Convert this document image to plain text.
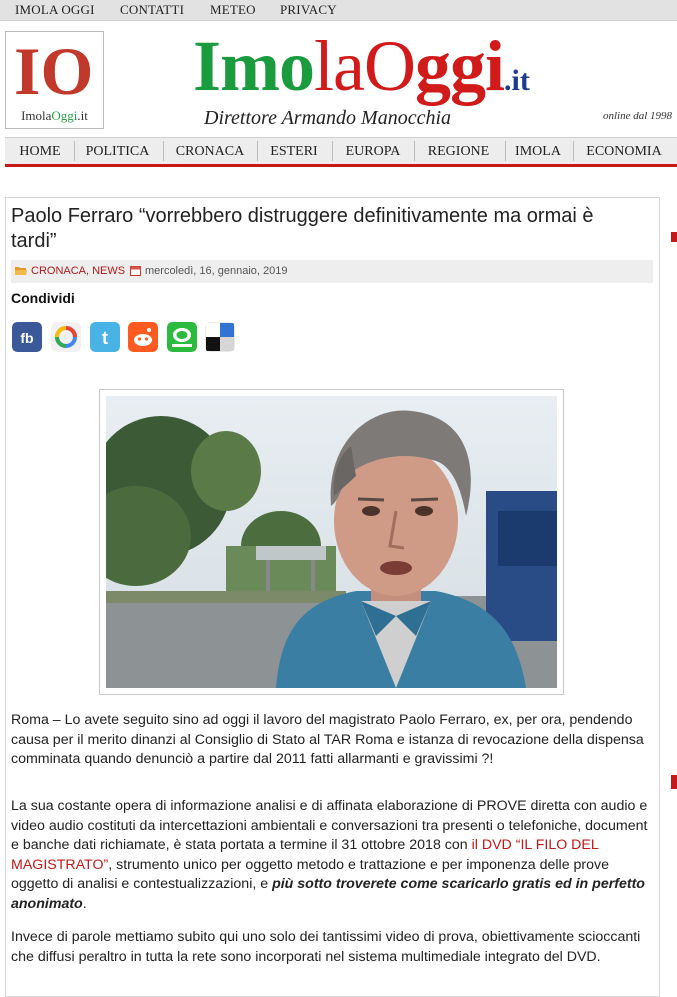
IMOLA OGGI CONTATTI METEO PRIVACY
IO
ImolaOggi.it
ImolaOggi.it
Direttore Armando Manocchia	online dal 1998
HOME	POLITICA	CRONACA	ESTERI	EUROPA	REGIONE	IMOLA	ECONOMIA
Paolo Ferraro “vorrebbero distruggere definitivamente ma ormai è tardi”
CRONACA, NEWS mercoledì, 16, gennaio, 2019
Condividi
fb	t

Roma – Lo avete seguito sino ad oggi il lavoro del magistrato Paolo Ferraro, ex, per ora, pendendo causa per il merito dinanzi al Consiglio di Stato al TAR Roma e istanza di revocazione della dispensa comminata quando denunciò a partire dal 2011 fatti allarmanti e gravissimi ?!

La sua costante opera di informazione analisi e di affinata elaborazione di PROVE diretta con audio e video audio costituti da intercettazioni ambientali e conversazioni tra presenti o telefoniche, document e banche dati richiamate, è stata portata a termine il 31 ottobre 2018 con il DVD “IL FILO DEL MAGISTRATO”, strumento unico per oggetto metodo e trattazione e per imponenza delle prove oggetto di analisi e contestualizzazioni, e più sotto troverete come scaricarlo gratis ed in perfetto anonimato.

Invece di parole mettiamo subito qui uno solo dei tantissimi video di prova, obiettivamente scioccanti che diffusi peraltro in tutta la rete sono incorporati nel sistema multimediale integrato del DVD.
